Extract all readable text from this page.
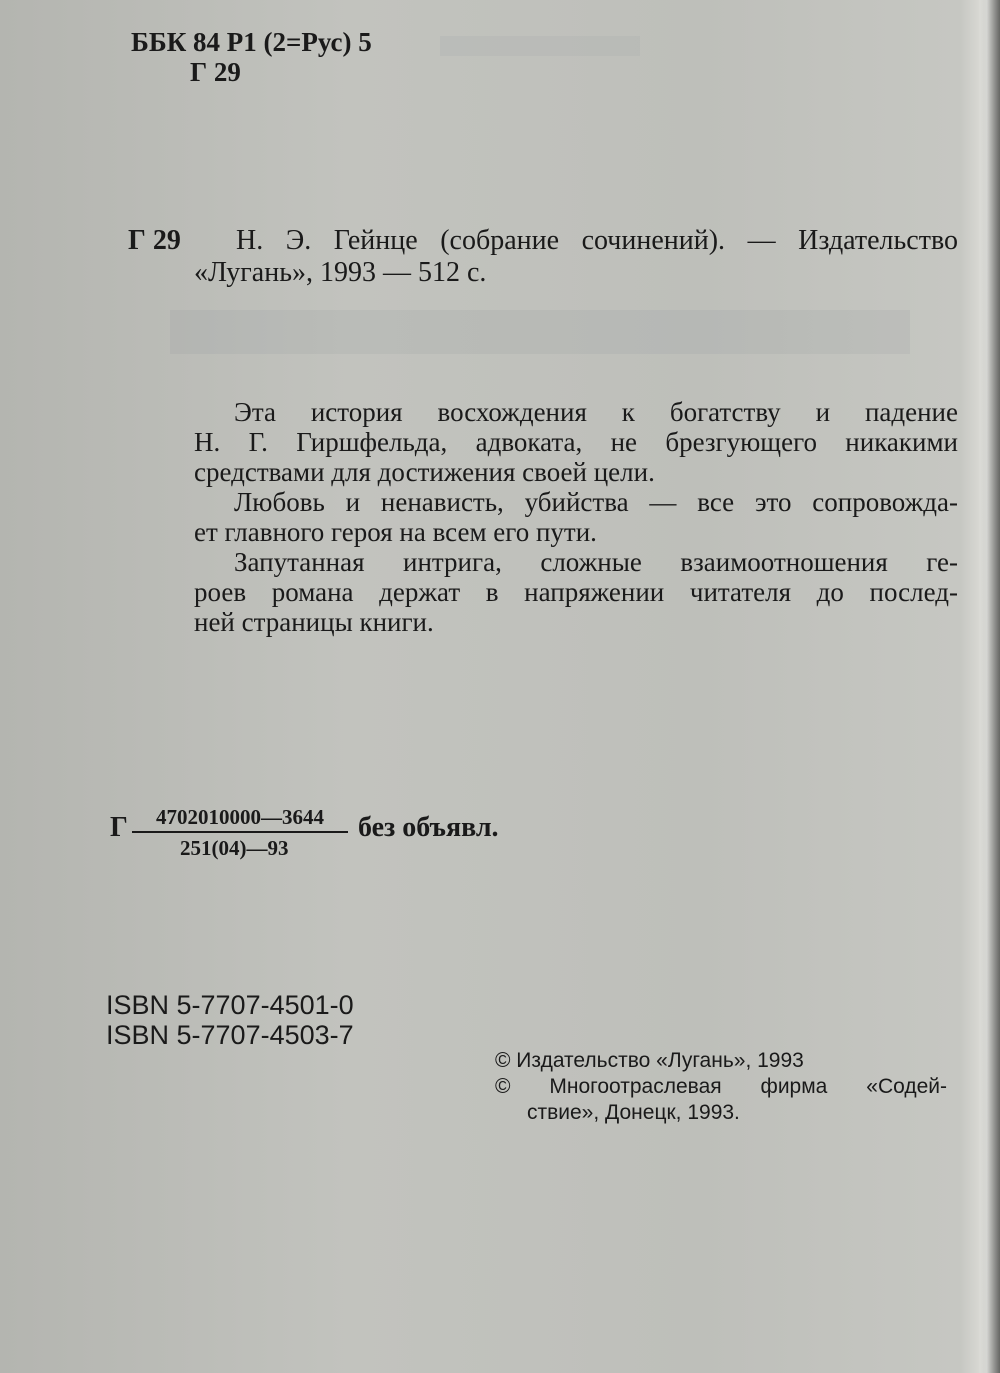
ББК 84 Р1 (2=Рус) 5
Г 29
Г 29 Н. Э. Гейнце (собрание сочинений). — Издательство
«Лугань», 1993 — 512 с.
Эта история восхождения к богатству и падение
Н. Г. Гиршфельда, адвоката, не брезгующего никакими
средствами для достижения своей цели.
Любовь и ненависть, убийства — все это сопровожда-
ет главного героя на всем его пути.
Запутанная интрига, сложные взаимоотношения ге-
роев романа держат в напряжении читателя до послед-
ней страницы книги.
Г $\frac{4702010000—3644}{251(04)—93}$ без объявл.
ISBN 5-7707-4501-0
ISBN 5-7707-4503-7
© Издательство «Лугань», 1993
© Многоотраслевая фирма «Содей-
ствие», Донецк, 1993.
